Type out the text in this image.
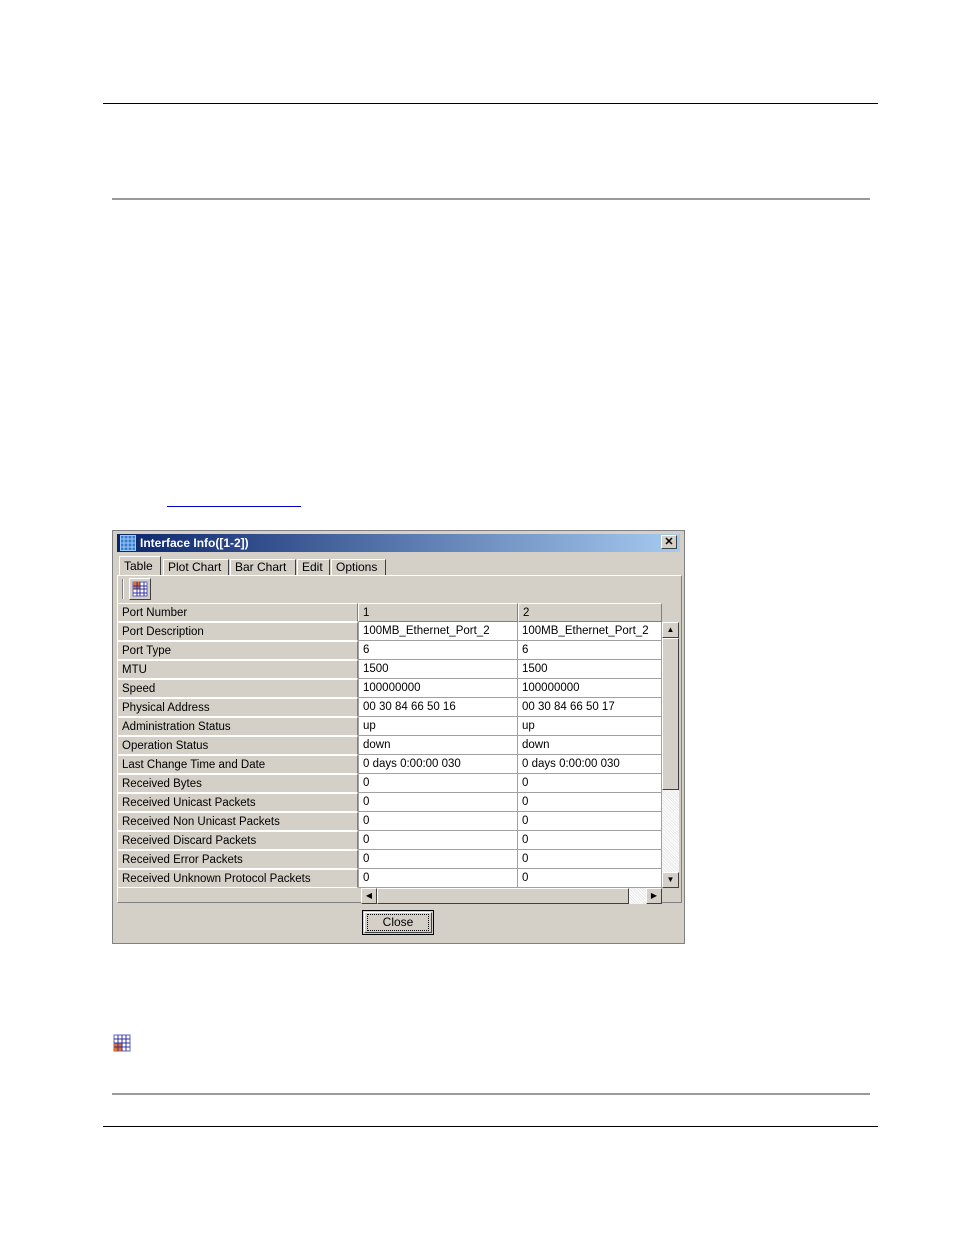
Interface Info([1-2])	✕
Table	Plot Chart	Bar Chart	Edit	Options
Port Number	1	2
Port Description	100MB_Ethernet_Port_2	100MB_Ethernet_Port_2
Port Type	6	6
MTU	1500	1500
Speed	100000000	100000000
Physical Address	00 30 84 66 50 16	00 30 84 66 50 17
Administration Status	up	up
Operation Status	down	down
Last Change Time and Date	0 days 0:00:00 030	0 days 0:00:00 030
Received Bytes	0	0
Received Unicast Packets	0	0
Received Non Unicast Packets	0	0
Received Discard Packets	0	0
Received Error Packets	0	0
Received Unknown Protocol Packets	0	0
▲
▼
◀	▶
Close
